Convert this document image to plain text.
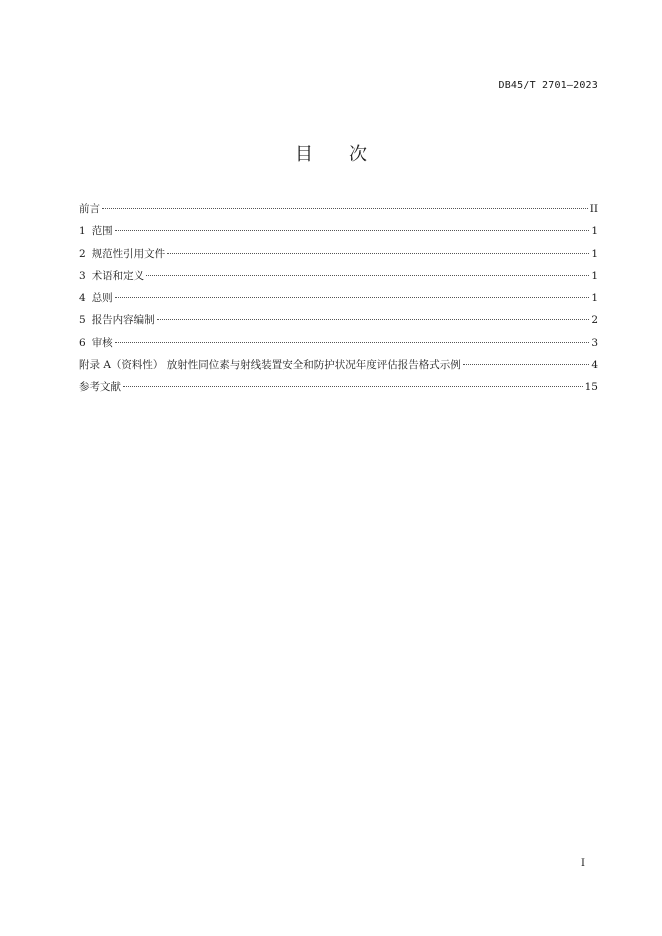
DB45/T 2701—2023
目次
前言	II
1 范围	1
2 规范性引用文件	1
3 术语和定义	1
4 总则	1
5 报告内容编制	2
6 审核	3
附录 A（资料性） 放射性同位素与射线装置安全和防护状况年度评估报告格式示例	4
参考文献	15
I
